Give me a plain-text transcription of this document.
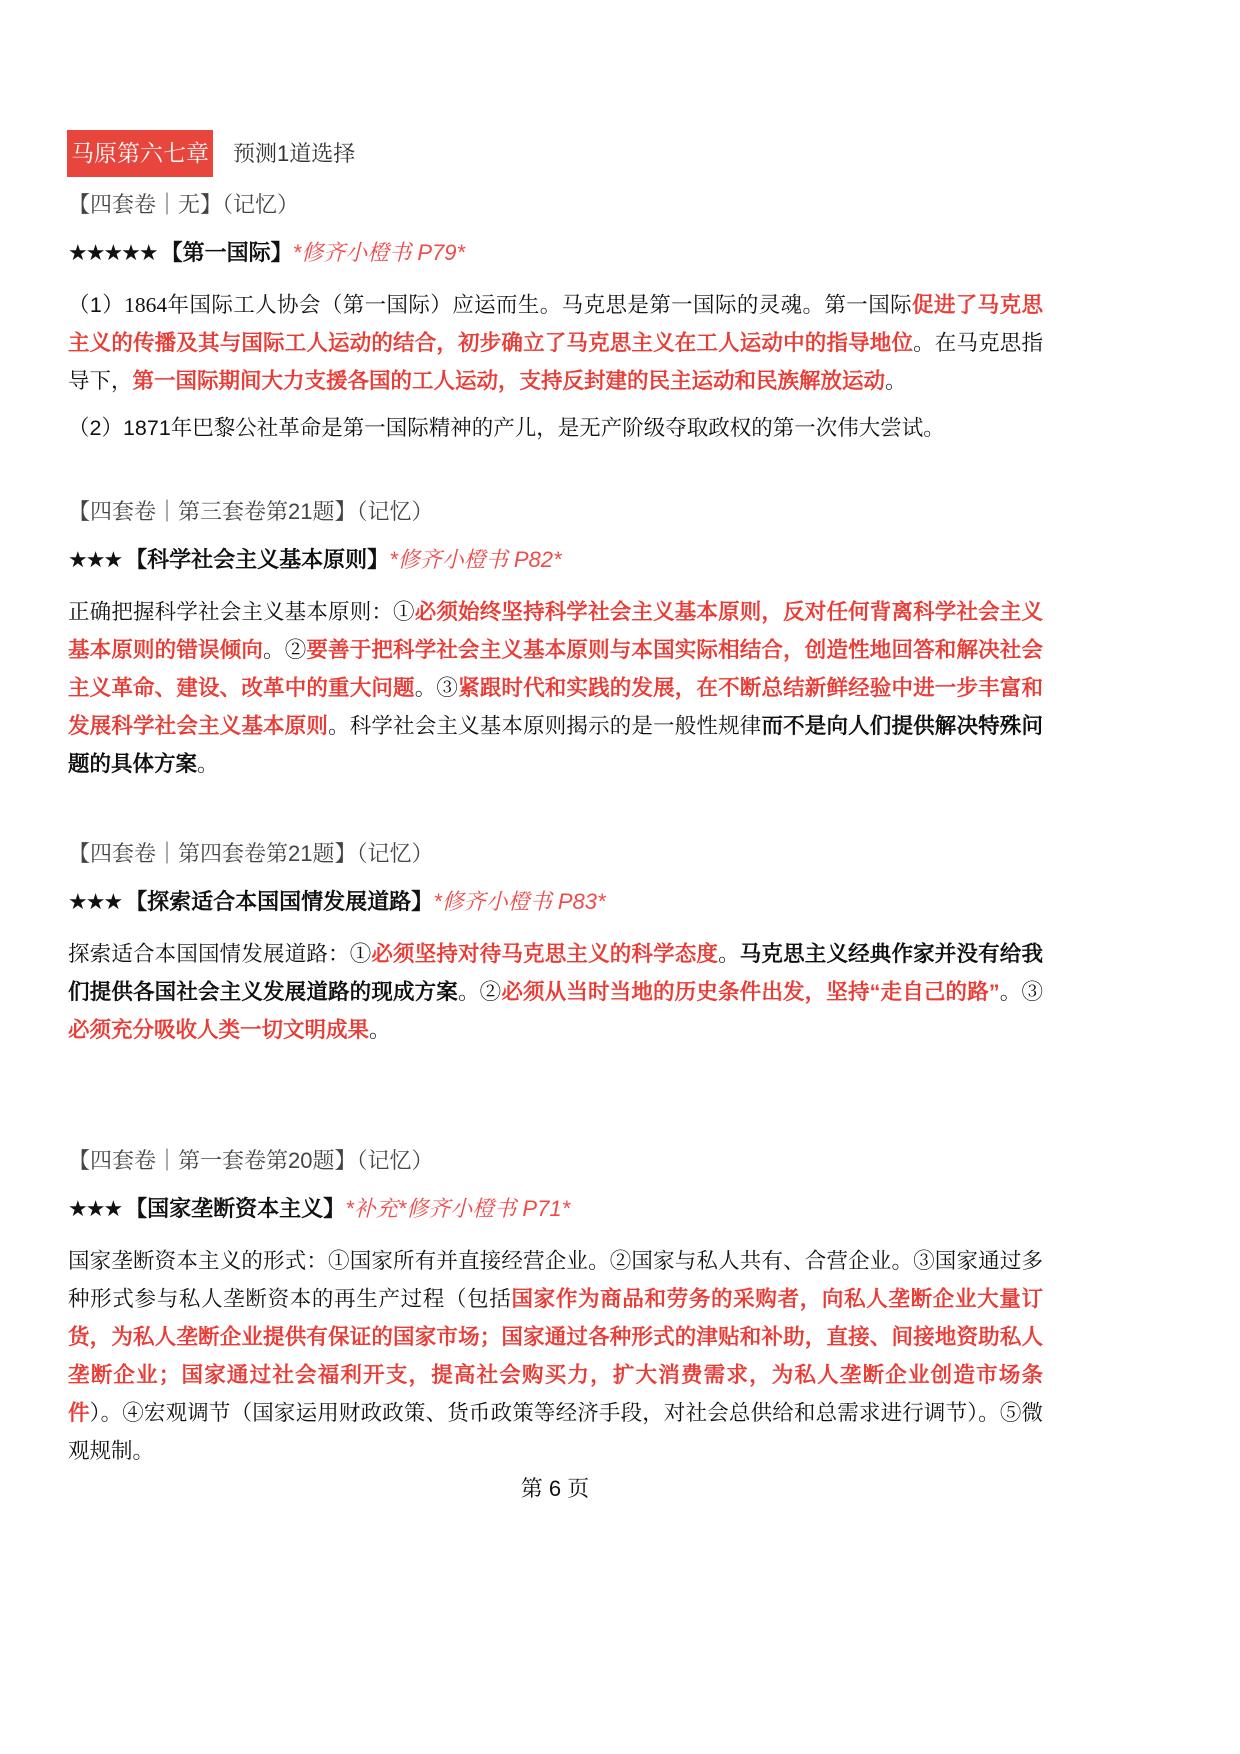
马原第六七章 预测1道选择
【四套卷｜无】（记忆）
★★★★★ 【第一国际】*修齐小橙书 P79*

（1）1864年国际工人协会（第一国际）应运而生。马克思是第一国际的灵魂。第一国际促进了马克思主义的传播及其与国际工人运动的结合，初步确立了马克思主义在工人运动中的指导地位。在马克思指导下，第一国际期间大力支援各国的工人运动，支持反封建的民主运动和民族解放运动。

（2）1871年巴黎公社革命是第一国际精神的产儿，是无产阶级夺取政权的第一次伟大尝试。

【四套卷｜第三套卷第21题】（记忆）
★★★ 【科学社会主义基本原则】*修齐小橙书 P82*

正确把握科学社会主义基本原则：①必须始终坚持科学社会主义基本原则，反对任何背离科学社会主义基本原则的错误倾向。②要善于把科学社会主义基本原则与本国实际相结合，创造性地回答和解决社会主义革命、建设、改革中的重大问题。③紧跟时代和实践的发展，在不断总结新鲜经验中进一步丰富和发展科学社会主义基本原则。科学社会主义基本原则揭示的是一般性规律而不是向人们提供解决特殊问题的具体方案。

【四套卷｜第四套卷第21题】（记忆）
★★★ 【探索适合本国国情发展道路】*修齐小橙书 P83*

探索适合本国国情发展道路：①必须坚持对待马克思主义的科学态度。马克思主义经典作家并没有给我们提供各国社会主义发展道路的现成方案。②必须从当时当地的历史条件出发，坚持“走自己的路”。③必须充分吸收人类一切文明成果。

【四套卷｜第一套卷第20题】（记忆）
★★★ 【国家垄断资本主义】*补充*修齐小橙书 P71*

国家垄断资本主义的形式：①国家所有并直接经营企业。②国家与私人共有、合营企业。③国家通过多种形式参与私人垄断资本的再生产过程（包括国家作为商品和劳务的采购者，向私人垄断企业大量订货，为私人垄断企业提供有保证的国家市场；国家通过各种形式的津贴和补助，直接、间接地资助私人垄断企业；国家通过社会福利开支，提高社会购买力，扩大消费需求，为私人垄断企业创造市场条件）。④宏观调节（国家运用财政政策、货币政策等经济手段，对社会总供给和总需求进行调节）。⑤微观规制。

第 6 页
